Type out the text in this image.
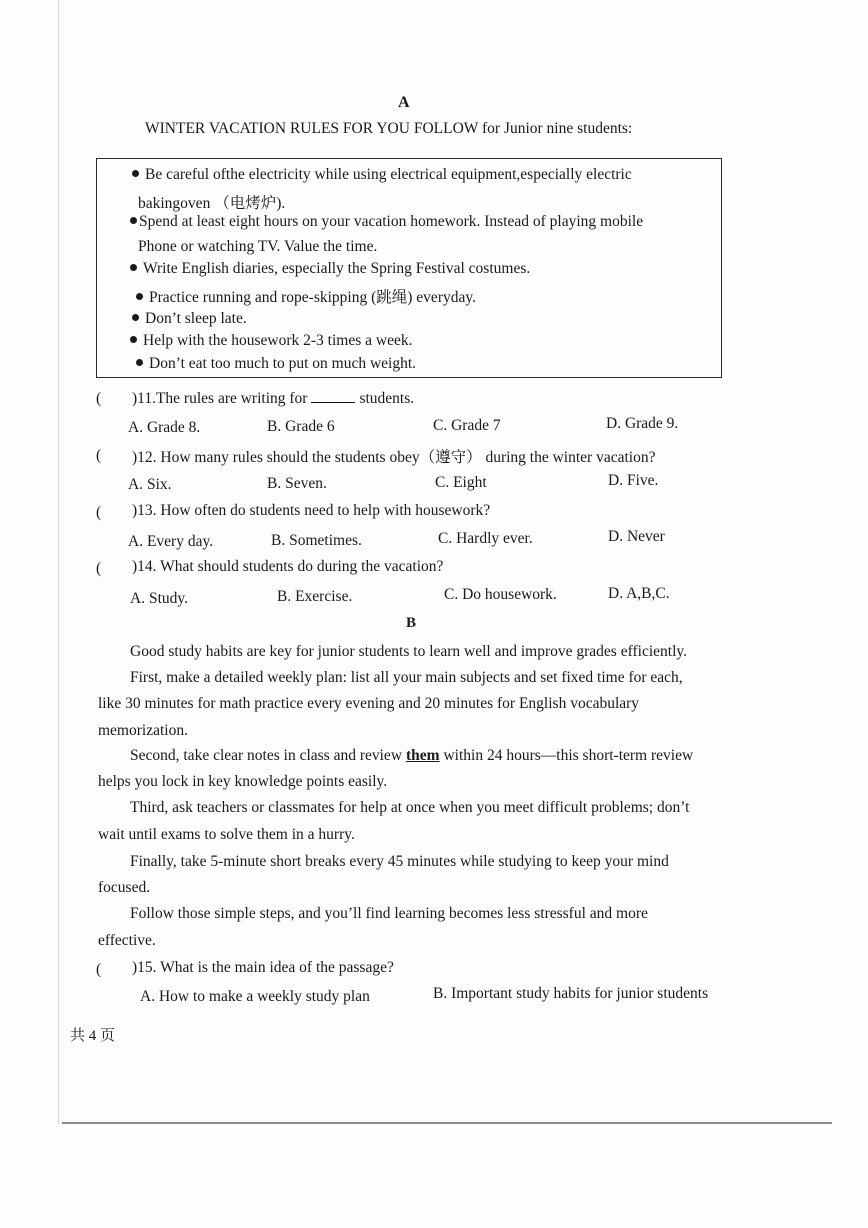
A
WINTER VACATION RULES FOR YOU FOLLOW for Junior nine students:
Be careful ofthe electricity while using electrical equipment,especially electric
bakingoven （电烤炉).
Spend at least eight hours on your vacation homework. Instead of playing mobile
Phone or watching TV. Value the time.
Write English diaries, especially the Spring Festival costumes.
Practice running and rope-skipping (跳绳) everyday.
Don’t sleep late.
Help with the housework 2-3 times a week.
Don’t eat too much to put on much weight.
( )11.The rules are writing for	students.
A. Grade 8.	B. Grade 6	C. Grade 7	D. Grade 9.
( )12. How many rules should the students obey（遵守） during the winter vacation?
A. Six.	B. Seven.	C. Eight	D. Five.
( )13. How often do students need to help with housework?
A. Every day.	B. Sometimes.	C. Hardly ever.	D. Never
( )14. What should students do during the vacation?
A. Study.	B. Exercise.	C. Do housework.	D. A,B,C.
B
Good study habits are key for junior students to learn well and improve grades efficiently.
First, make a detailed weekly plan: list all your main subjects and set fixed time for each,
like 30 minutes for math practice every evening and 20 minutes for English vocabulary
memorization.
Second, take clear notes in class and review them within 24 hours—this short-term review
helps you lock in key knowledge points easily.
Third, ask teachers or classmates for help at once when you meet difficult problems; don’t
wait until exams to solve them in a hurry.
Finally, take 5-minute short breaks every 45 minutes while studying to keep your mind
focused.
Follow those simple steps, and you’ll find learning becomes less stressful and more
effective.
( )15. What is the main idea of the passage?
A. How to make a weekly study plan	B. Important study habits for junior students
共 4 页
